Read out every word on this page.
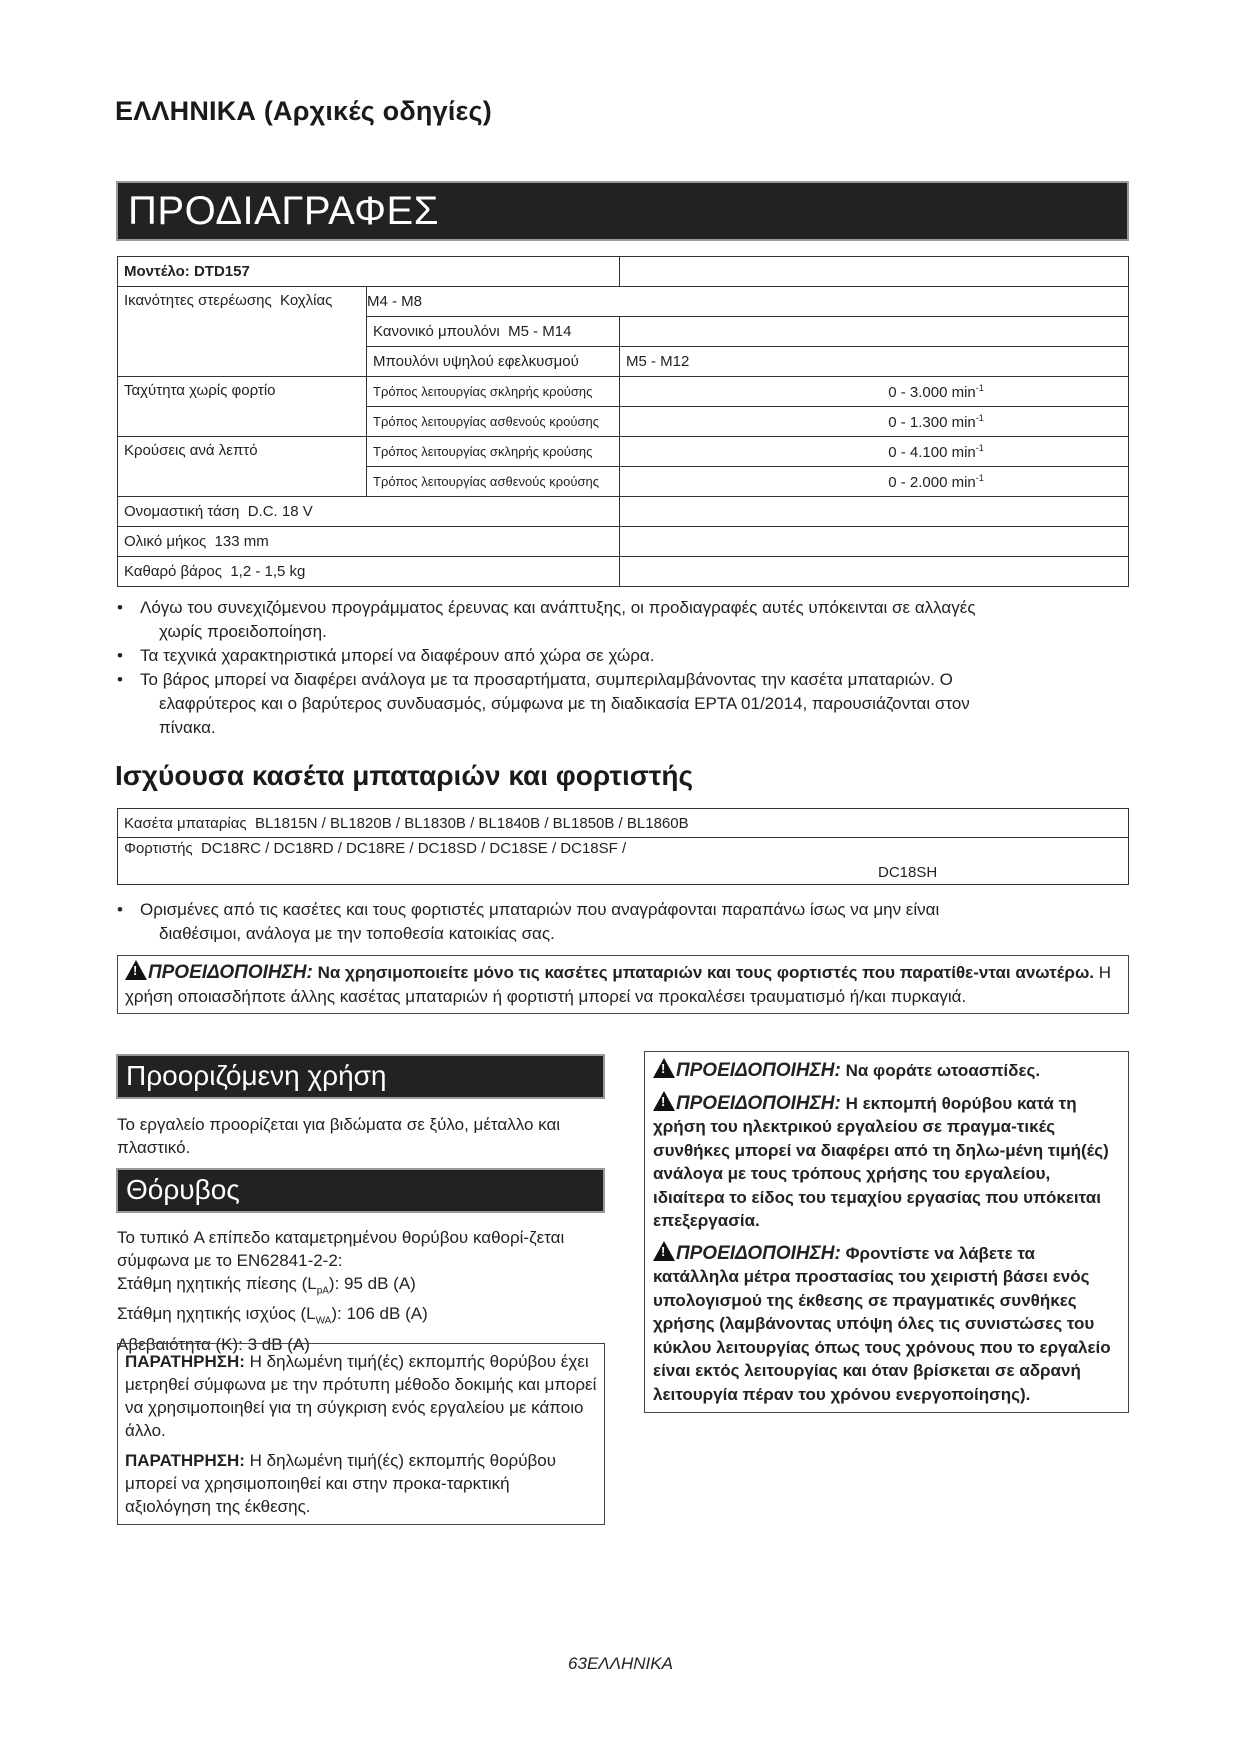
ΕΛΛΗΝΙΚΑ (Αρχικές οδηγίες)
ΠΡΟΔΙΑΓΡΑΦΕΣ
Μοντέλο: DTD157		
Ικανότητες στερέωσης Κοχλίας	M4 - M8	
	Κανονικό μπουλόνι M5 - M14	
	Μπουλόνι υψηλού εφελκυσμού	M5 - M12
Ταχύτητα χωρίς φορτίο	Τρόπος λειτουργίας σκληρής κρούσης	0 - 3.000 $\min^{-1}$
	Τρόπος λειτουργίας ασθενούς κρούσης	0 - 1.300 $\min^{-1}$
Κρούσεις ανά λεπτό	Τρόπος λειτουργίας σκληρής κρούσης	0 - 4.100 $\min^{-1}$
	Τρόπος λειτουργίας ασθενούς κρούσης	0 - 2.000 $\min^{-1}$
Ονομαστική τάση D.C. 18 V		
Ολικό μήκος 133 mm		
Καθαρό βάρος 1,2 - 1,5 kg		
• Λόγω του συνεχιζόμενου προγράμματος έρευνας και ανάπτυξης, οι προδιαγραφές αυτές υπόκεινται σε αλλαγές
χωρίς προειδοποίηση.
• Τα τεχνικά χαρακτηριστικά μπορεί να διαφέρουν από χώρα σε χώρα.
• Το βάρος μπορεί να διαφέρει ανάλογα με τα προσαρτήματα, συμπεριλαμβάνοντας την κασέτα μπαταριών. Ο
ελαφρύτερος και ο βαρύτερος συνδυασμός, σύμφωνα με τη διαδικασία EPTA 01/2014, παρουσιάζονται στον
πίνακα.
Ισχύουσα κασέτα μπαταριών και φορτιστής
Κασέτα μπαταρίας BL1815N / BL1820B / BL1830B / BL1840B / BL1850B / BL1860B
Φορτιστής DC18RC / DC18RD / DC18RE / DC18SD / DC18SE / DC18SF /
DC18SH
• Ορισμένες από τις κασέτες και τους φορτιστές μπαταριών που αναγράφονται παραπάνω ίσως να μην είναι
διαθέσιμοι, ανάλογα με την τοποθεσία κατοικίας σας.
!ΠΡΟΕΙΔΟΠΟΙΗΣΗ: Να χρησιμοποιείτε μόνο τις κασέτες μπαταριών και τους φορτιστές που παρατίθε-νται ανωτέρω. Η χρήση οποιασδήποτε άλλης κασέτας μπαταριών ή φορτιστή μπορεί να προκαλέσει τραυματισμό ή/και πυρκαγιά.
Προοριζόμενη χρήση
Το εργαλείο προορίζεται για βιδώματα σε ξύλο, μέταλλο και πλαστικό.
Θόρυβος
Το τυπικό A επίπεδο καταμετρημένου θορύβου καθορί-ζεται σύμφωνα με το EN62841-2-2:
Στάθμη ηχητικής πίεσης $(L_{pA})$: 95 dB (A)
Στάθμη ηχητικής ισχύος $(L_{WA})$: 106 dB (A)
Αβεβαιότητα (K): 3 dB (A)

ΠΑΡΑΤΗΡΗΣΗ: Η δηλωμένη τιμή(ές) εκπομπής θορύβου έχει μετρηθεί σύμφωνα με την πρότυπη μέθοδο δοκιμής και μπορεί να χρησιμοποιηθεί για τη σύγκριση ενός εργαλείου με κάποιο άλλο.

ΠΑΡΑΤΗΡΗΣΗ: Η δηλωμένη τιμή(ές) εκπομπής θορύβου μπορεί να χρησιμοποιηθεί και στην προκα-ταρκτική αξιολόγηση της έκθεσης.

!ΠΡΟΕΙΔΟΠΟΙΗΣΗ: Να φοράτε ωτοασπίδες.

!ΠΡΟΕΙΔΟΠΟΙΗΣΗ: Η εκπομπή θορύβου κατά τη χρήση του ηλεκτρικού εργαλείου σε πραγμα-τικές συνθήκες μπορεί να διαφέρει από τη δηλω-μένη τιμή(ές) ανάλογα με τους τρόπους χρήσης του εργαλείου, ιδιαίτερα το είδος του τεμαχίου εργασίας που υπόκειται επεξεργασία.

!ΠΡΟΕΙΔΟΠΟΙΗΣΗ: Φροντίστε να λάβετε τα κατάλληλα μέτρα προστασίας του χειριστή βάσει ενός υπολογισμού της έκθεσης σε πραγματικές συνθήκες χρήσης (λαμβάνοντας υπόψη όλες τις συνιστώσες του κύκλου λειτουργίας όπως τους χρόνους που το εργαλείο είναι εκτός λειτουργίας και όταν βρίσκεται σε αδρανή λειτουργία πέραν του χρόνου ενεργοποίησης).

63ΕΛΛΗΝΙΚΑ
